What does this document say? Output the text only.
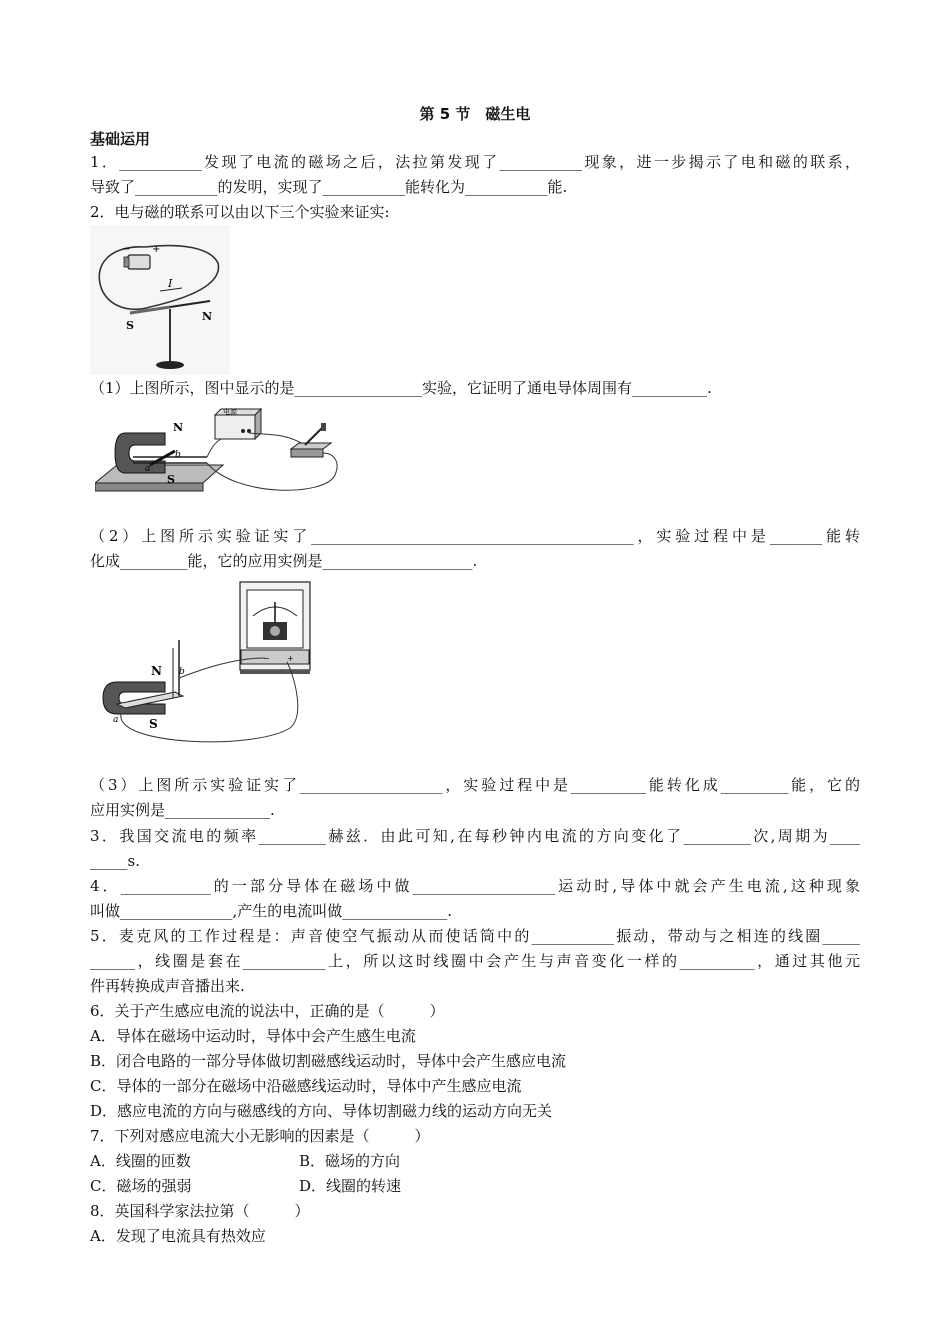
第 5 节　磁生电
基础运用
1．___________发现了电流的磁场之后，法拉第发现了___________现象，进一步揭示了电和磁的联系，
导致了___________的发明，实现了___________能转化为___________能.
2．电与磁的联系可以由以下三个实验来证实:
− +
I
S
N
（1）上图所示，图中显示的是_________________实验，它证明了通电导体周围有__________.
N
S
a
b
电源
（2）上图所示实验证实了___________________________________________，实验过程中是_______能转
化成_________能，它的应用实例是____________________.
− +
N
S
a
b
（3）上图所示实验证实了___________________，实验过程中是__________能转化成_________能，它的
应用实例是______________.
3．我国交流电的频率_________赫兹．由此可知,在每秒钟内电流的方向变化了_________次,周期为____
_____s.
4．____________的一部分导体在磁场中做___________________运动时,导体中就会产生电流,这种现象
叫做_______________,产生的电流叫做______________.
5．麦克风的工作过程是：声音使空气振动从而使话筒中的___________振动，带动与之相连的线圈_____
______，线圈是套在___________上，所以这时线圈中会产生与声音变化一样的__________，通过其他元
件再转换成声音播出来.
6．关于产生感应电流的说法中，正确的是（　　　）
A．导体在磁场中运动时，导体中会产生感生电流
B．闭合电路的一部分导体做切割磁感线运动时，导体中会产生感应电流
C．导体的一部分在磁场中沿磁感线运动时，导体中产生感应电流
D．感应电流的方向与磁感线的方向、导体切割磁力线的运动方向无关
7．下列对感应电流大小无影响的因素是（　　　）
A．线圈的匝数	B．磁场的方向
C．磁场的强弱	D．线圈的转速
8．英国科学家法拉第（　　　）
A．发现了电流具有热效应
